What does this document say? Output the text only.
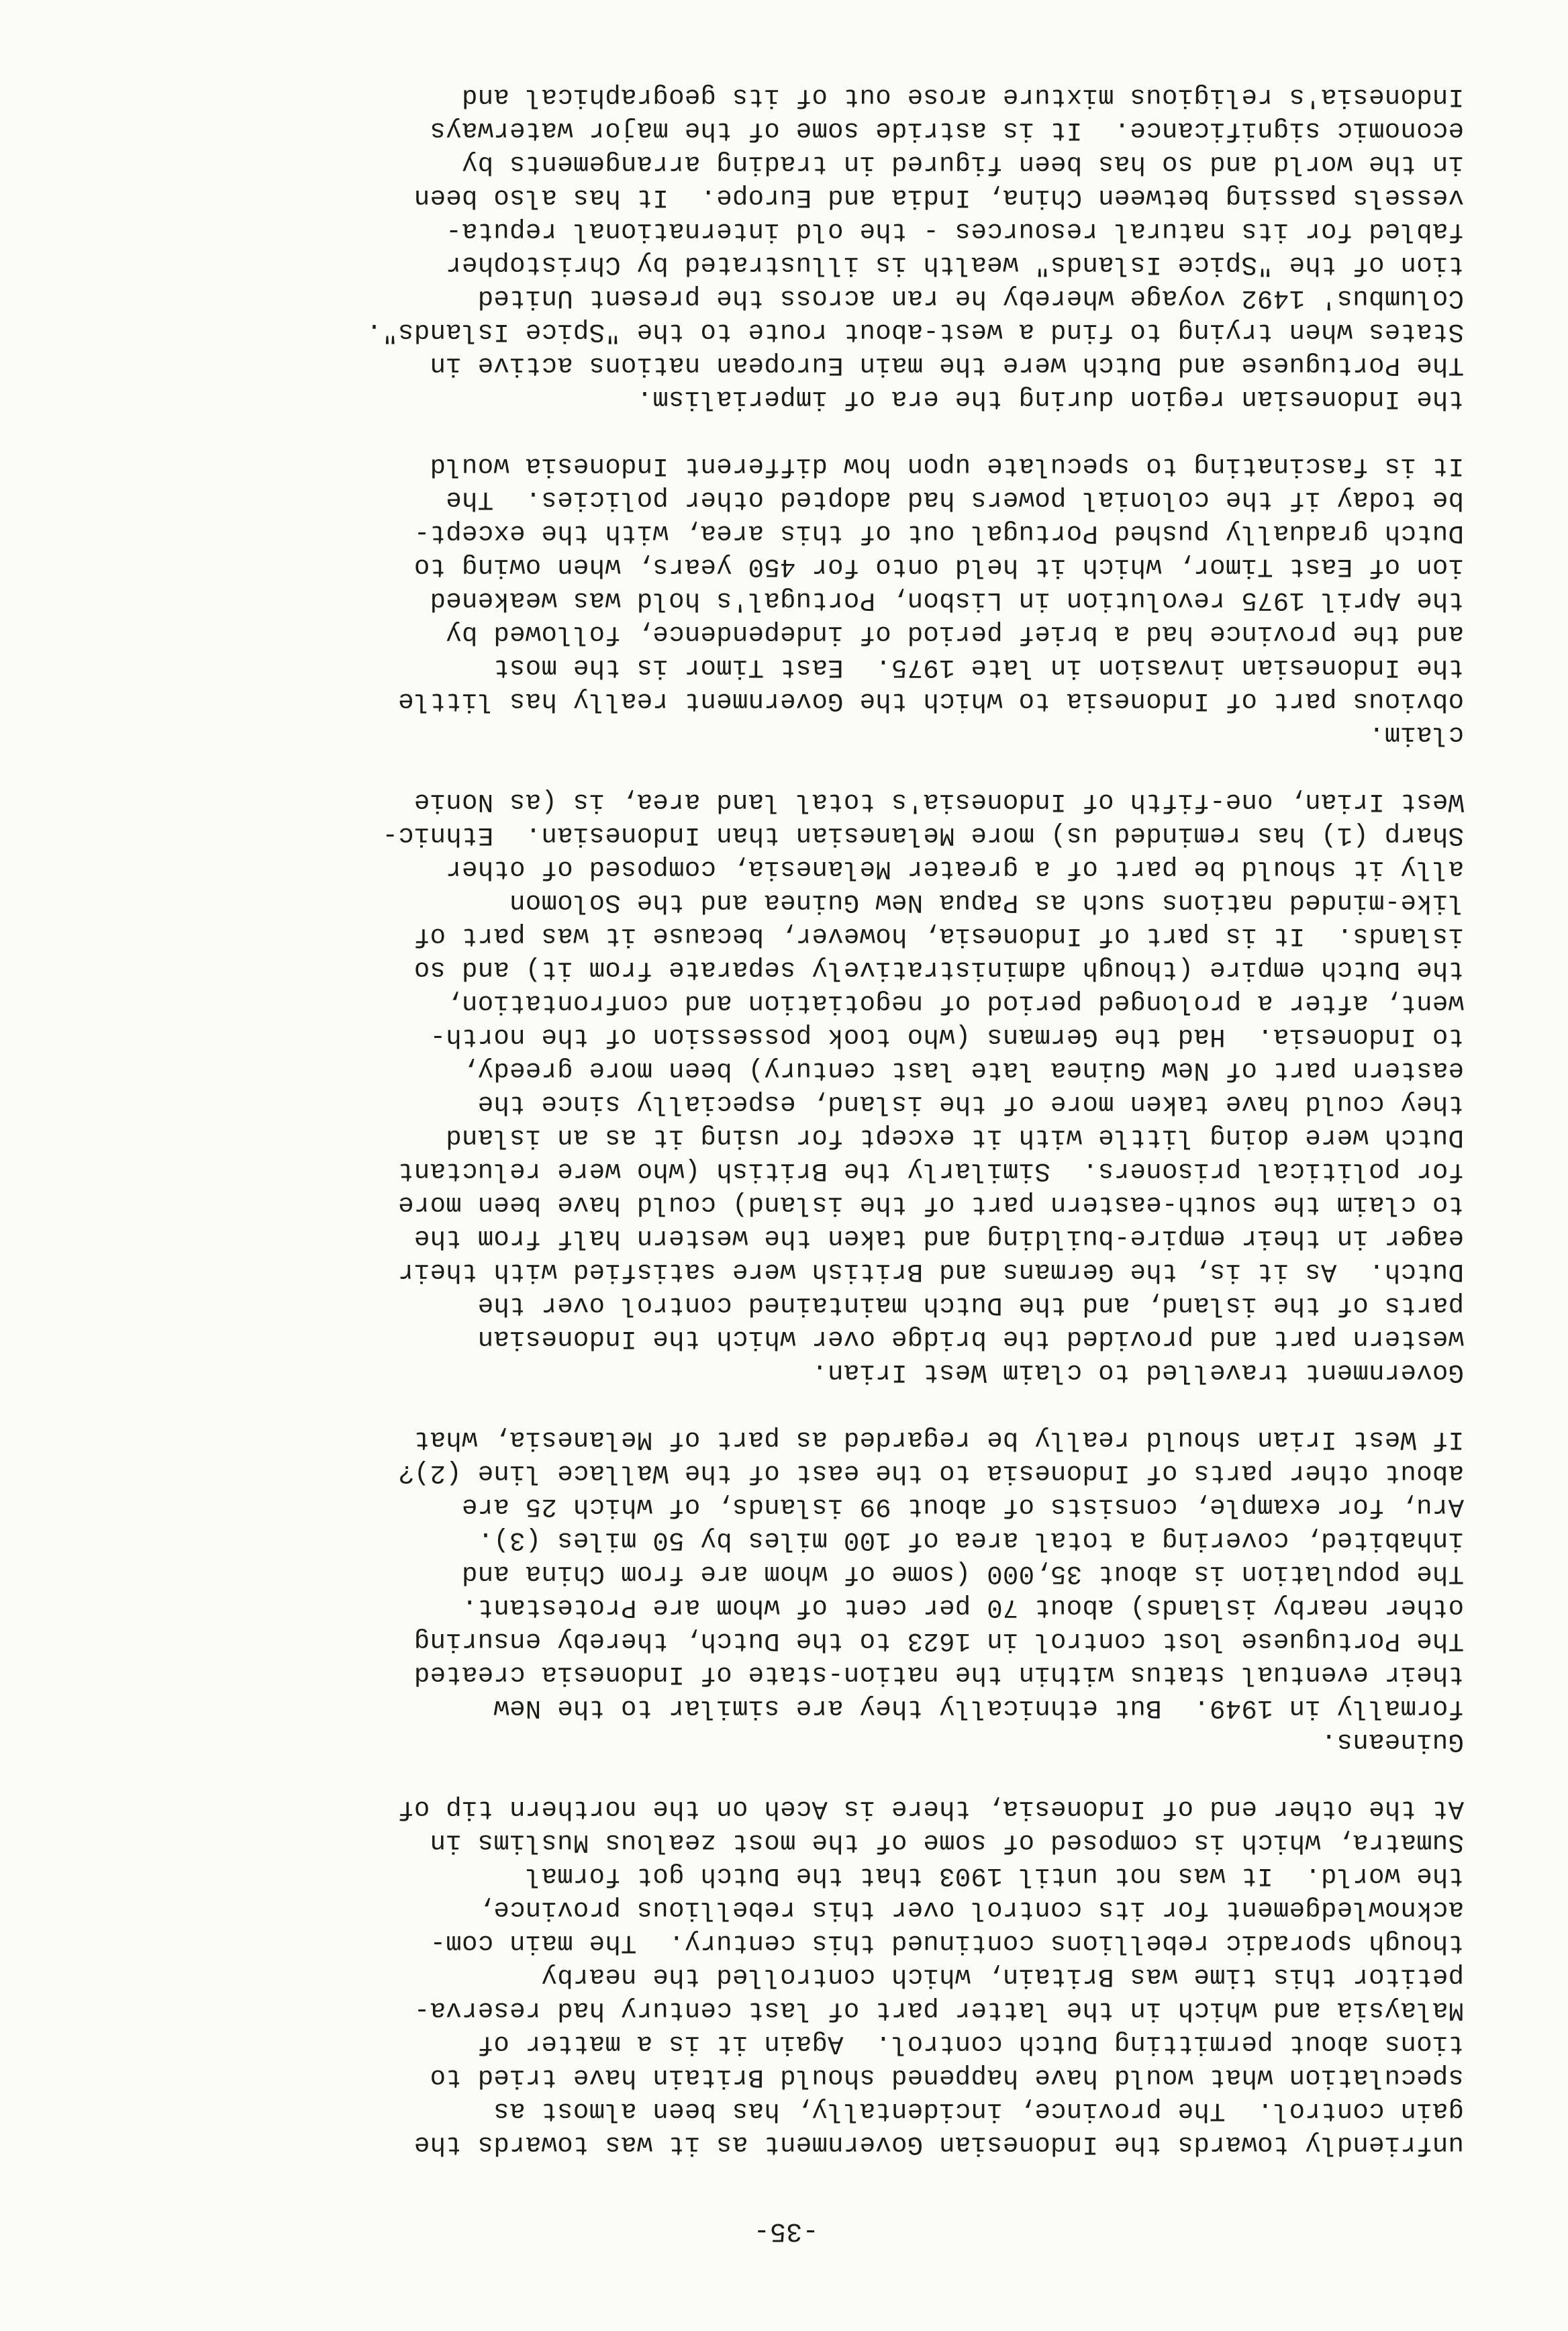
-35-
unfriendly towards the Indonesian Government as it was towards the
gain control.  The province, incidentally, has been almost as
speculation what would have happened should Britain have tried to
tions about permitting Dutch control.  Again it is a matter of
Malaysia and which in the latter part of last century had reserva-
petitor this time was Britain, which controlled the nearby
though sporadic rebellions continued this century.  The main com-
acknowledgement for its control over this rebellious province,
the world.  It was not until 1903 that the Dutch got formal
Sumatra, which is composed of some of the most zealous Muslims in
At the other end of Indonesia, there is Aceh on the northern tip of
Guineans.
formally in 1949.  But ethnically they are similar to the New
their eventual status within the nation-state of Indonesia created
The Portuguese lost control in 1623 to the Dutch, thereby ensuring
other nearby islands) about 70 per cent of whom are Protestant.
The population is about 35,000 (some of whom are from China and
inhabited, covering a total area of 100 miles by 50 miles (3).
Aru, for example, consists of about 99 islands, of which 25 are
about other parts of Indonesia to the east of the Wallace line (2)?
If West Irian should really be regarded as part of Melanesia, what
Government travelled to claim West Irian.
western part and provided the bridge over which the Indonesian
parts of the island, and the Dutch maintained control over the
Dutch.  As it is, the Germans and British were satisfied with their
eager in their empire-building and taken the western half from the
to claim the south-eastern part of the island) could have been more
for political prisoners.  Similarly the British (who were reluctant
Dutch were doing little with it except for using it as an island
they could have taken more of the island, especially since the
eastern part of New Guinea late last century) been more greedy,
to Indonesia.  Had the Germans (who took possession of the north-
went, after a prolonged period of negotiation and confrontation,
the Dutch empire (though administratively separate from it) and so
islands.  It is part of Indonesia, however, because it was part of
like-minded nations such as Papua New Guinea and the Solomon
ally it should be part of a greater Melanesia, composed of other
Sharp (1) has reminded us) more Melanesian than Indonesian.  Ethnic-
West Irian, one-fifth of Indonesia's total land area, is (as Nonie
claim.
obvious part of Indonesia to which the Government really has little
the Indonesian invasion in late 1975.  East Timor is the most
and the province had a brief period of independence, followed by
the April 1975 revolution in Lisbon, Portugal's hold was weakened
ion of East Timor, which it held onto for 450 years, when owing to
Dutch gradually pushed Portugal out of this area, with the except-
be today if the colonial powers had adopted other policies.  The
It is fascinating to speculate upon how different Indonesia would
the Indonesian region during the era of imperialism.
The Portuguese and Dutch were the main European nations active in
States when trying to find a west-about route to the "Spice Islands".
Columbus' 1492 voyage whereby he ran across the present United
tion of the "Spice Islands" wealth is illustrated by Christopher
fabled for its natural resources - the old international reputa-
vessels passing between China, India and Europe.  It has also been
in the world and so has been figured in trading arrangements by
economic significance.  It is astride some of the major waterways
Indonesia's religious mixture arose out of its geographical and
